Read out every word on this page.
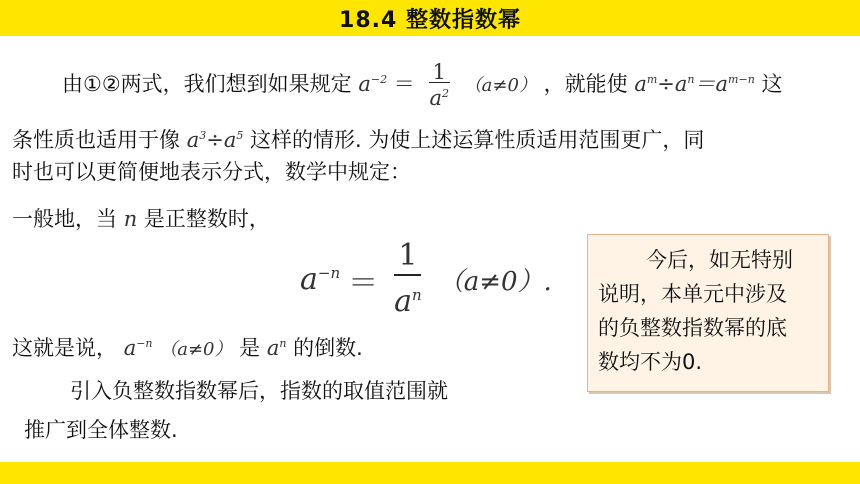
18.4 整数指数幂
由①②两式，我们想到如果规定 $a^{-2} = \frac{1}{a^2} (a\ne 0)$ ，就能使 $a^m\div a^n=a^{m-n}$ 这
条性质也适用于像 $a^3\div a^5$ 这样的情形. 为使上述运算性质适用范围更广，同
时也可以更简便地表示分式，数学中规定：
一般地，当 n 是正整数时，
$a^{-n} = \frac{1}{a^n} (a\ne 0)$.
这就是说， $a^{-n}$ （a≠0） 是 $a^n$ 的倒数.
引入负整数指数幂后，指数的取值范围就
推广到全体整数.
今后，如无特别
说明，本单元中涉及
的负整数指数幂的底
数均不为0.
